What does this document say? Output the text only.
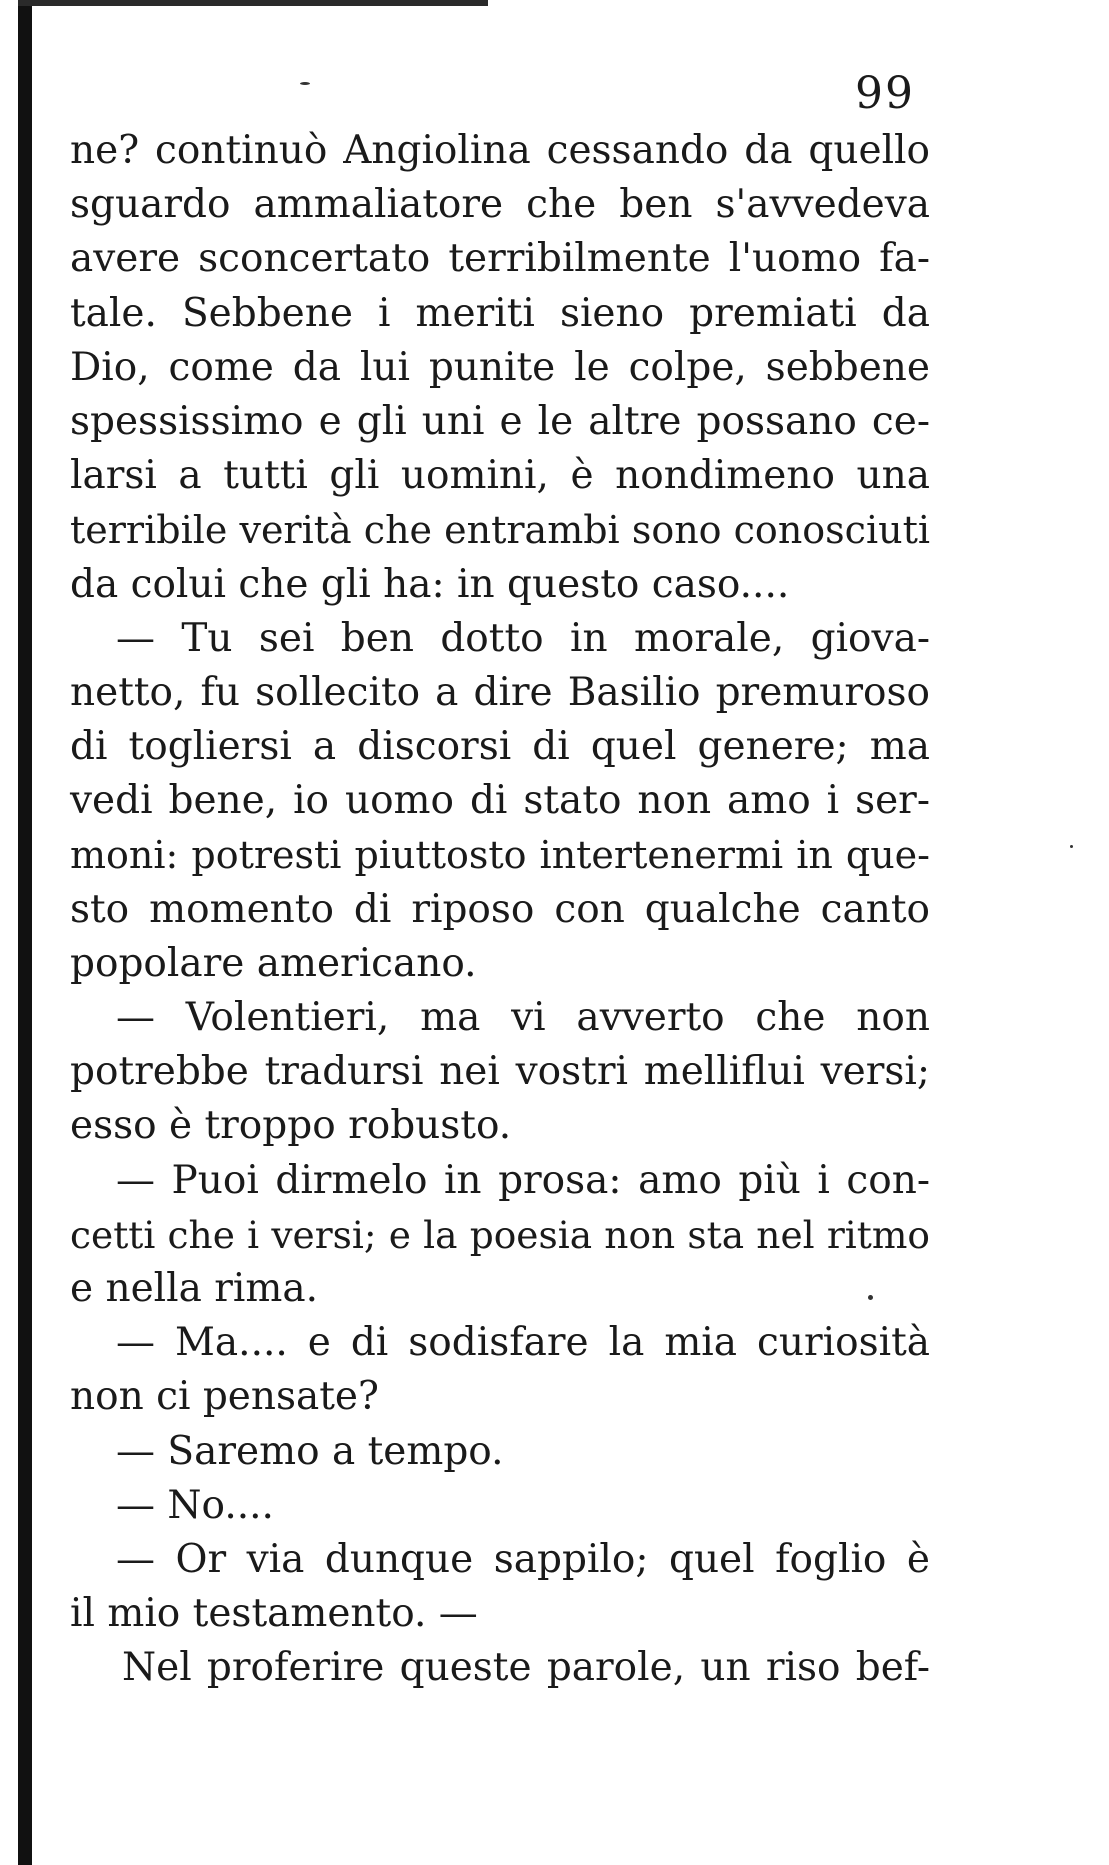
99
ne? continuò Angiolina cessando da quello
sguardo ammaliatore che ben s'avvedeva
avere sconcertato terribilmente l'uomo fa-
tale. Sebbene i meriti sieno premiati da
Dio, come da lui punite le colpe, sebbene
spessissimo e gli uni e le altre possano ce-
larsi a tutti gli uomini, è nondimeno una
terribile verità che entrambi sono conosciuti
da colui che gli ha: in questo caso....
— Tu sei ben dotto in morale, giova-
netto, fu sollecito a dire Basilio premuroso
di togliersi a discorsi di quel genere; ma
vedi bene, io uomo di stato non amo i ser-
moni: potresti piuttosto intertenermi in que-
sto momento di riposo con qualche canto
popolare americano.
— Volentieri, ma vi avverto che non
potrebbe tradursi nei vostri melliflui versi;
esso è troppo robusto.
— Puoi dirmelo in prosa: amo più i con-
cetti che i versi; e la poesia non sta nel ritmo
e nella rima.
— Ma.... e di sodisfare la mia curiosità
non ci pensate?
— Saremo a tempo.
— No....
— Or via dunque sappilo; quel foglio è
il mio testamento. —
Nel proferire queste parole, un riso bef-
